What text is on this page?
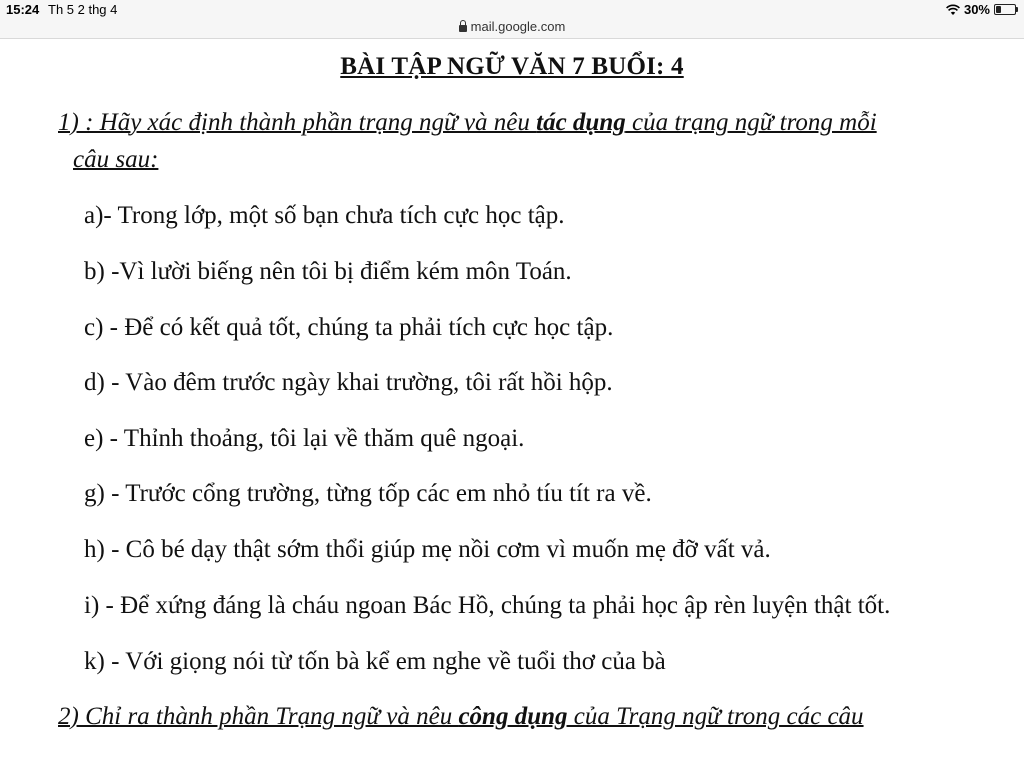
15:24 Th 5 2 thg 4
mail.google.com
30%
BÀI TẬP NGỮ VĂN 7 BUỔI: 4
1) : Hãy xác định thành phần trạng ngữ và nêu tác dụng của trạng ngữ trong mỗi
câu sau:
a)- Trong lớp, một số bạn chưa tích cực học tập.
b) -Vì lười biếng nên tôi bị điểm kém môn Toán.
c) - Để có kết quả tốt, chúng ta phải tích cực học tập.
d) - Vào đêm trước ngày khai trường, tôi rất hồi hộp.
e) - Thỉnh thoảng, tôi lại về thăm quê ngoại.
g) - Trước cổng trường, từng tốp các em nhỏ tíu tít ra về.
h) - Cô bé dạy thật sớm thổi giúp mẹ nồi cơm vì muốn mẹ đỡ vất vả.
i) - Để xứng đáng là cháu ngoan Bác Hồ, chúng ta phải học ập rèn luyện thật tốt.
k) - Với giọng nói từ tốn bà kể em nghe về tuổi thơ của bà
2) Chỉ ra thành phần Trạng ngữ và nêu công dụng của Trạng ngữ trong các câu
